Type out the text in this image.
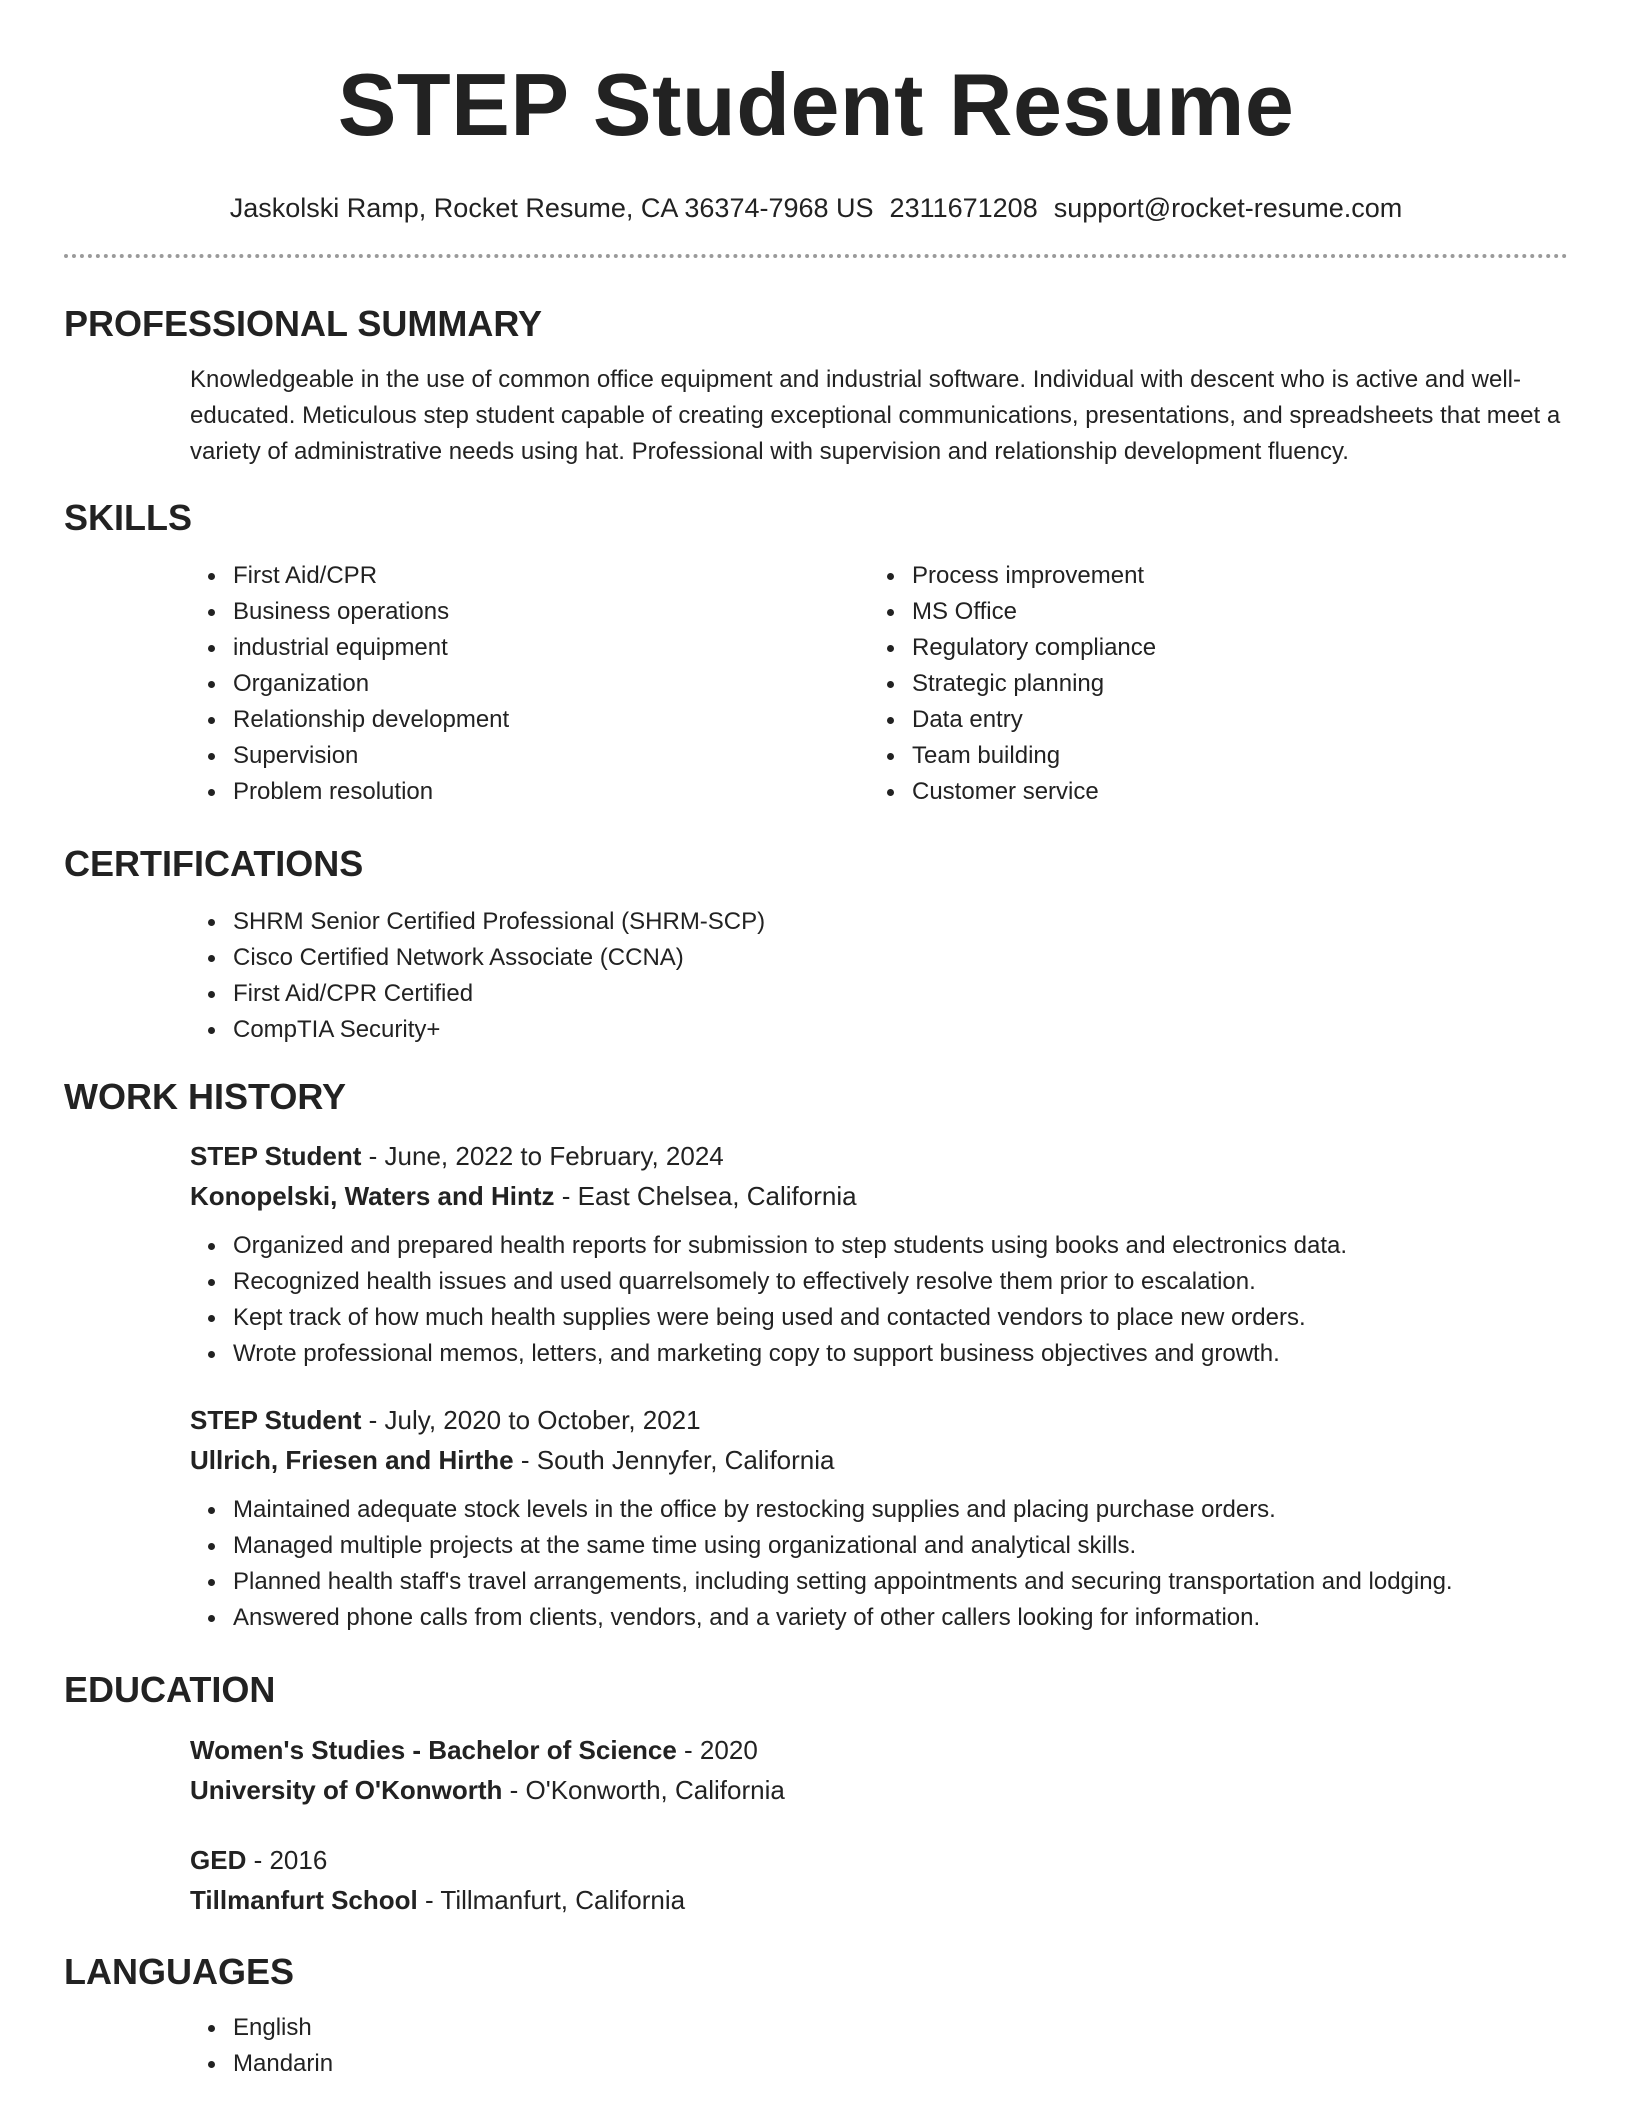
STEP Student Resume
Jaskolski Ramp, Rocket Resume, CA 36374-7968 US 2311671208 support@rocket-resume.com
PROFESSIONAL SUMMARY
Knowledgeable in the use of common office equipment and industrial software. Individual with descent who is active and well-educated. Meticulous step student capable of creating exceptional communications, presentations, and spreadsheets that meet a variety of administrative needs using hat. Professional with supervision and relationship development fluency.
SKILLS
First Aid/CPR
Business operations
industrial equipment
Organization
Relationship development
Supervision
Problem resolution
Process improvement
MS Office
Regulatory compliance
Strategic planning
Data entry
Team building
Customer service
CERTIFICATIONS
SHRM Senior Certified Professional (SHRM-SCP)
Cisco Certified Network Associate (CCNA)
First Aid/CPR Certified
CompTIA Security+
WORK HISTORY
STEP Student - June, 2022 to February, 2024
Konopelski, Waters and Hintz - East Chelsea, California
Organized and prepared health reports for submission to step students using books and electronics data.
Recognized health issues and used quarrelsomely to effectively resolve them prior to escalation.
Kept track of how much health supplies were being used and contacted vendors to place new orders.
Wrote professional memos, letters, and marketing copy to support business objectives and growth.
STEP Student - July, 2020 to October, 2021
Ullrich, Friesen and Hirthe - South Jennyfer, California
Maintained adequate stock levels in the office by restocking supplies and placing purchase orders.
Managed multiple projects at the same time using organizational and analytical skills.
Planned health staff's travel arrangements, including setting appointments and securing transportation and lodging.
Answered phone calls from clients, vendors, and a variety of other callers looking for information.
EDUCATION
Women's Studies - Bachelor of Science - 2020
University of O'Konworth - O'Konworth, California
GED - 2016
Tillmanfurt School - Tillmanfurt, California
LANGUAGES
English
Mandarin
